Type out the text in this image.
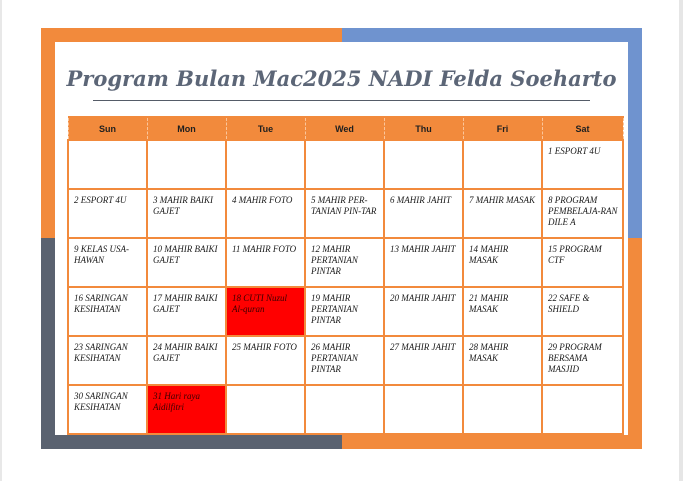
Program Bulan Mac2025 NADI Felda Soeharto
Sun	Mon	Tue	Wed	Thu	Fri	Sat
						1 ESPORT 4U
2 ESPORT 4U	3 MAHIR BAIKI GAJET	4 MAHIR FOTO	5 MAHIR PER-TANIAN PIN-TAR	6 MAHIR JAHIT	7 MAHIR MASAK	8 PROGRAM PEMBELAJA-RAN DILE A
9 KELAS USA-HAWAN	10 MAHIR BAIKI GAJET	11 MAHIR FOTO	12 MAHIR PERTANIAN PINTAR	13 MAHIR JAHIT	14 MAHIR MASAK	15 PROGRAM CTF
16 SARINGAN KESIHATAN	17 MAHIR BAIKI GAJET	18 CUTI Nuzul Al-quran	19 MAHIR PERTANIAN PINTAR	20 MAHIR JAHIT	21 MAHIR MASAK	22 SAFE & SHIELD
23 SARINGAN KESIHATAN	24 MAHIR BAIKI GAJET	25 MAHIR FOTO	26 MAHIR PERTANIAN PINTAR	27 MAHIR JAHIT	28 MAHIR MASAK	29 PROGRAM BERSAMA MASJID
30 SARINGAN KESIHATAN	31 Hari raya Aidilfitri					
